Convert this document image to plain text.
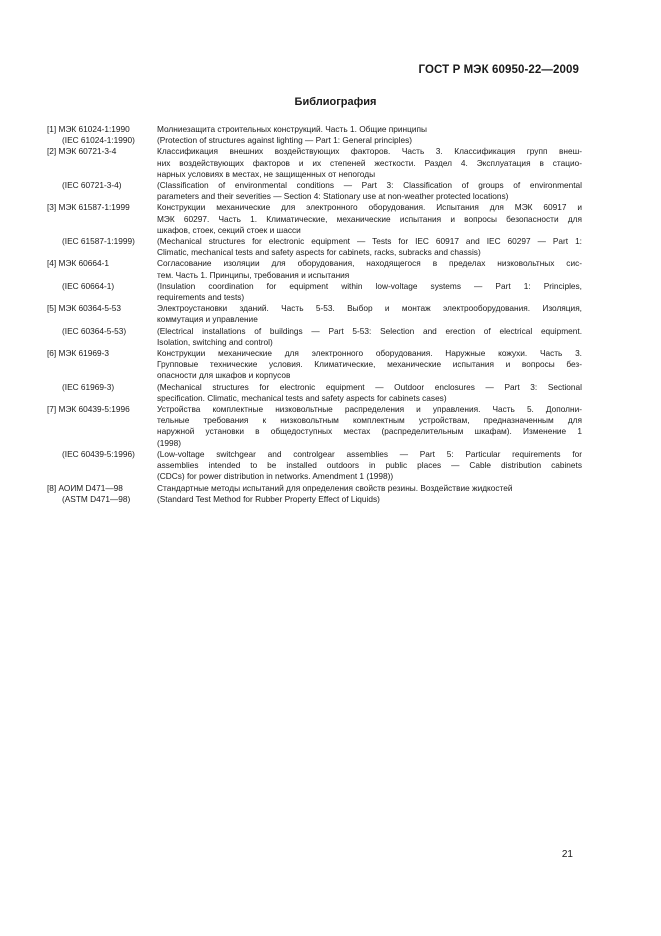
ГОСТ Р МЭК 60950-22—2009
Библиография
[1] МЭК 61024-1:1990	Молниезащита строительных конструкций. Часть 1. Общие принципы
(IEC 61024-1:1990)	(Protection of structures against lighting — Part 1: General principles)
[2] МЭК 60721-3-4	Классификация внешних воздействующих факторов. Часть 3. Классификация групп внеш-
них воздействующих факторов и их степеней жесткости. Раздел 4. Эксплуатация в стацио-
нарных условиях в местах, не защищенных от непогоды
(IEC 60721-3-4)	(Classification of environmental conditions — Part 3: Classification of groups of environmental
parameters and their severities — Section 4: Stationary use at non-weather protected locations)
[3] МЭК 61587-1:1999	Конструкции механические для электронного оборудования. Испытания для МЭК 60917 и
МЭК 60297. Часть 1. Климатические, механические испытания и вопросы безопасности для
шкафов, стоек, секций стоек и шасси
(IEC 61587-1:1999)	(Mechanical structures for electronic equipment — Tests for IEC 60917 and IEC 60297 — Part 1:
Climatic, mechanical tests and safety aspects for cabinets, racks, subracks and chassis)
[4] МЭК 60664-1	Согласование изоляции для оборудования, находящегося в пределах низковольтных сис-
тем. Часть 1. Принципы, требования и испытания
(IEC 60664-1)	(Insulation coordination for equipment within low-voltage systems — Part 1: Principles,
requirements and tests)
[5] МЭК 60364-5-53	Электроустановки зданий. Часть 5-53. Выбор и монтаж электрооборудования. Изоляция,
коммутация и управление
(IEC 60364-5-53)	(Electrical installations of buildings — Part 5-53: Selection and erection of electrical equipment.
Isolation, switching and control)
[6] МЭК 61969-3	Конструкции механические для электронного оборудования. Наружные кожухи. Часть 3.
Групповые технические условия. Климатические, механические испытания и вопросы без-
опасности для шкафов и корпусов
(IEC 61969-3)	(Mechanical structures for electronic equipment — Outdoor enclosures — Part 3: Sectional
specification. Climatic, mechanical tests and safety aspects for cabinets cases)
[7] МЭК 60439-5:1996	Устройства комплектные низковольтные распределения и управления. Часть 5. Дополни-
тельные требования к низковольтным комплектным устройствам, предназначенным для
наружной установки в общедоступных местах (распределительным шкафам). Изменение 1
(1998)
(IEC 60439-5:1996)	(Low-voltage switchgear and controlgear assemblies — Part 5: Particular requirements for
assemblies intended to be installed outdoors in public places — Cable distribution cabinets
(CDCs) for power distribution in networks. Amendment 1 (1998))
[8] АОИМ D471—98	Стандартные методы испытаний для определения свойств резины. Воздействие жидкостей
(ASTM D471—98)	(Standard Test Method for Rubber Property Effect of Liquids)
21
